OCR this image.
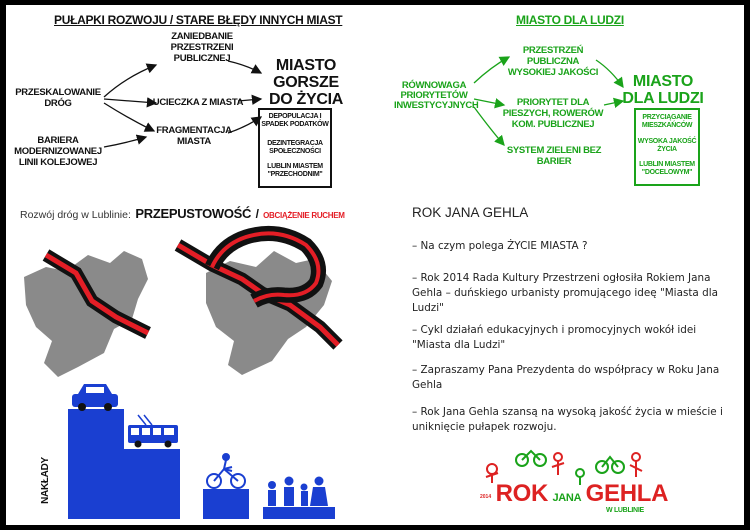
PUŁAPKI ROZWOJU / STARE BŁĘDY INNYCH MIAST
ZANIEDBANIE PRZESTRZENI PUBLICZNEJ
UCIECZKA Z MIASTA
FRAGMENTACJA MIASTA
PRZESKALOWANIE DRÓG
BARIERA MODERNIZOWANEJ LINII KOLEJOWEJ
MIASTO GORSZE DO ŻYCIA
DEPOPULACJA I SPADEK PODATKÓW
DEZINTEGRACJA SPOŁECZNOŚCI
LUBLIN MIASTEM "PRZECHODNIM"
MIASTO DLA LUDZI
RÓWNOWAGA PRIORYTETÓW INWESTYCYJNYCH
PRZESTRZEŃ PUBLICZNA WYSOKIEJ JAKOŚCI
PRIORYTET DLA PIESZYCH, ROWERÓW KOM. PUBLICZNEJ
SYSTEM ZIELENI BEZ BARIER
MIASTO DLA LUDZI
PRZYCIĄGANIE MIESZKAŃCÓW
WYSOKA JAKOŚĆ ŻYCIA
LUBLIN MIASTEM "DOCELOWYM"
Rozwój dróg w Lublinie: PRZEPUSTOWOŚĆ / OBCIĄŻENIE RUCHEM
NAKŁADY
ROK JANA GEHLA
– Na czym polega ŻYCIE MIASTA ?
– Rok 2014 Rada Kultury Przestrzeni ogłosiła Rokiem Jana Gehla – duńskiego urbanisty promującego ideę "Miasta dla Ludzi"
– Cykl działań edukacyjnych i promocyjnych wokół idei "Miasta dla Ludzi"
– Zapraszamy Pana Prezydenta do współpracy w Roku Jana Gehla
– Rok Jana Gehla szansą na wysoką jakość życia w mieście i uniknięcie pułapek rozwoju.
2014 ROK JANA GEHLA
W LUBLINIE
